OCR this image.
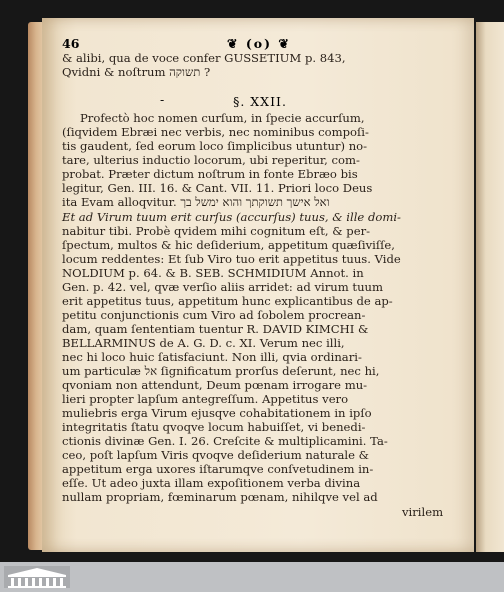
46	❦ (o) ❦
& alibi, qua de voce confer GUSSETIUM p. 843,
Qvidni & noſtrum תשוקה ?
-	§. XXII.
Profectò hoc nomen curſum, in ſpecie accurſum,
(ſiqvidem Ebræi nec verbis, nec nominibus compoſi-
tis gaudent, ſed eorum loco ſimplicibus utuntur) no-
tare, ulterius inductio locorum, ubi reperitur, com-
probat. Præter dictum noſtrum in fonte Ebræo bis
legitur, Gen. III. 16. & Cant. VII. 11. Priori loco Deus
ita Evam alloqvitur. ואל אישך תשוקתך והוא ימשל בך
Et ad Virum tuum erit curſus (accurſus) tuus, & ille domi-
nabitur tibi. Probè qvidem mihi cognitum eſt, & per-
ſpectum, multos & hic deſiderium, appetitum quæſiviſſe,
locum reddentes: Et ſub Viro tuo erit appetitus tuus. Vide
NOLDIUM p. 64. & B. SEB. SCHMIDIUM Annot. in
Gen. p. 42. vel, qvæ verſio aliis arridet: ad virum tuum
erit appetitus tuus, appetitum hunc explicantibus de ap-
petitu conjunctionis cum Viro ad ſobolem procrean-
dam, quam ſententiam tuentur R. DAVID KIMCHI &
BELLARMINUS de A. G. D. c. XI. Verum nec illi,
nec hi loco huic ſatisfaciunt. Non illi, qvia ordinari-
um particulæ אל ſignificatum prorſus deſerunt, nec hi,
qvoniam non attendunt, Deum pœnam irrogare mu-
lieri propter lapſum antegreſſum. Appetitus vero
muliebris erga Virum ejusqve cohabitationem in ipſo
integritatis ſtatu qvoqve locum habuiſſet, vi benedi-
ctionis divinæ Gen. I. 26. Creſcite & multiplicamini. Ta-
ceo, poſt lapſum Viris qvoqve deſiderium naturale &
appetitum erga uxores iſtarumqve conſvetudinem in-
eſſe. Ut adeo juxta illam expoſitionem verba divina
nullam propriam, fœminarum pœnam, nihilqve vel ad
virilem
